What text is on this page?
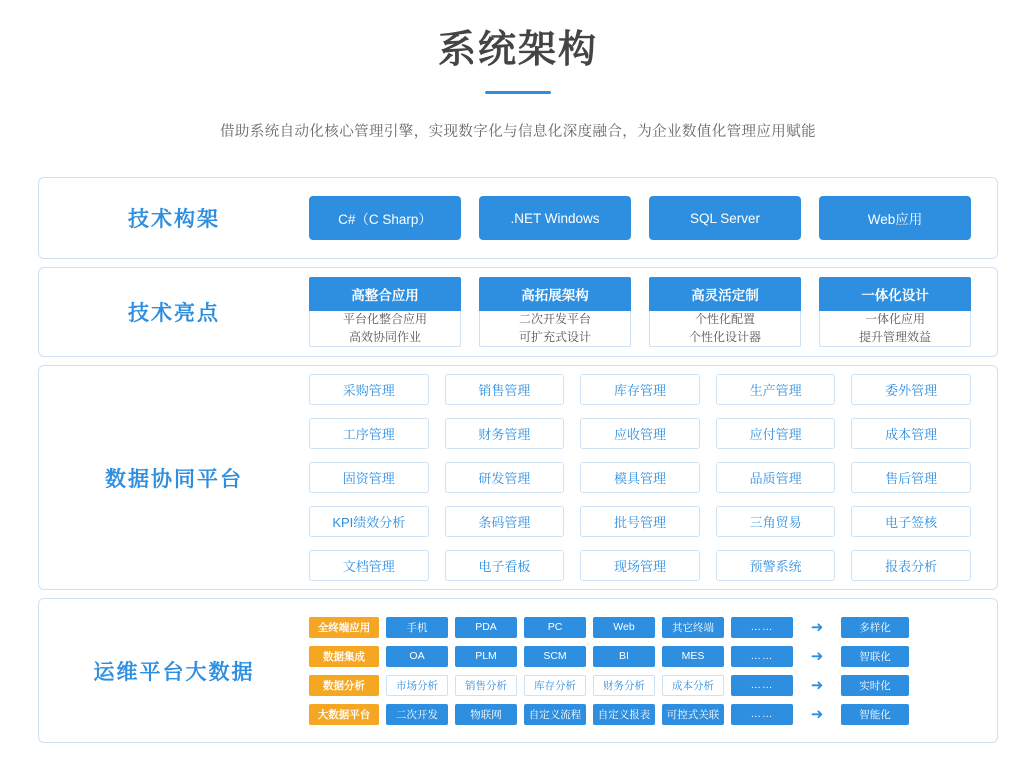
系统架构
借助系统自动化核心管理引擎，实现数字化与信息化深度融合，为企业数值化管理应用赋能
技术构架	C#（C Sharp）	.NET Windows	SQL Server	Web应用
技术亮点
高整合应用
平台化整合应用
高效协同作业
高拓展架构
二次开发平台
可扩充式设计
高灵活定制
个性化配置
个性化设计器
一体化设计
一体化应用
提升管理效益
数据协同平台
采购管理	销售管理	库存管理	生产管理	委外管理
工序管理	财务管理	应收管理	应付管理	成本管理
固资管理	研发管理	模具管理	品质管理	售后管理
KPI绩效分析	条码管理	批号管理	三角贸易	电子签核
文档管理	电子看板	现场管理	预警系统	报表分析
运维平台大数据
全终端应用	手机	PDA	PC	Web	其它终端	……	➜	多样化
数据集成	OA	PLM	SCM	BI	MES	……	➜	智联化
数据分析	市场分析	销售分析	库存分析	财务分析	成本分析	……	➜	实时化
大数据平台	二次开发	物联网	自定义流程	自定义报表	可控式关联	……	➜	智能化
